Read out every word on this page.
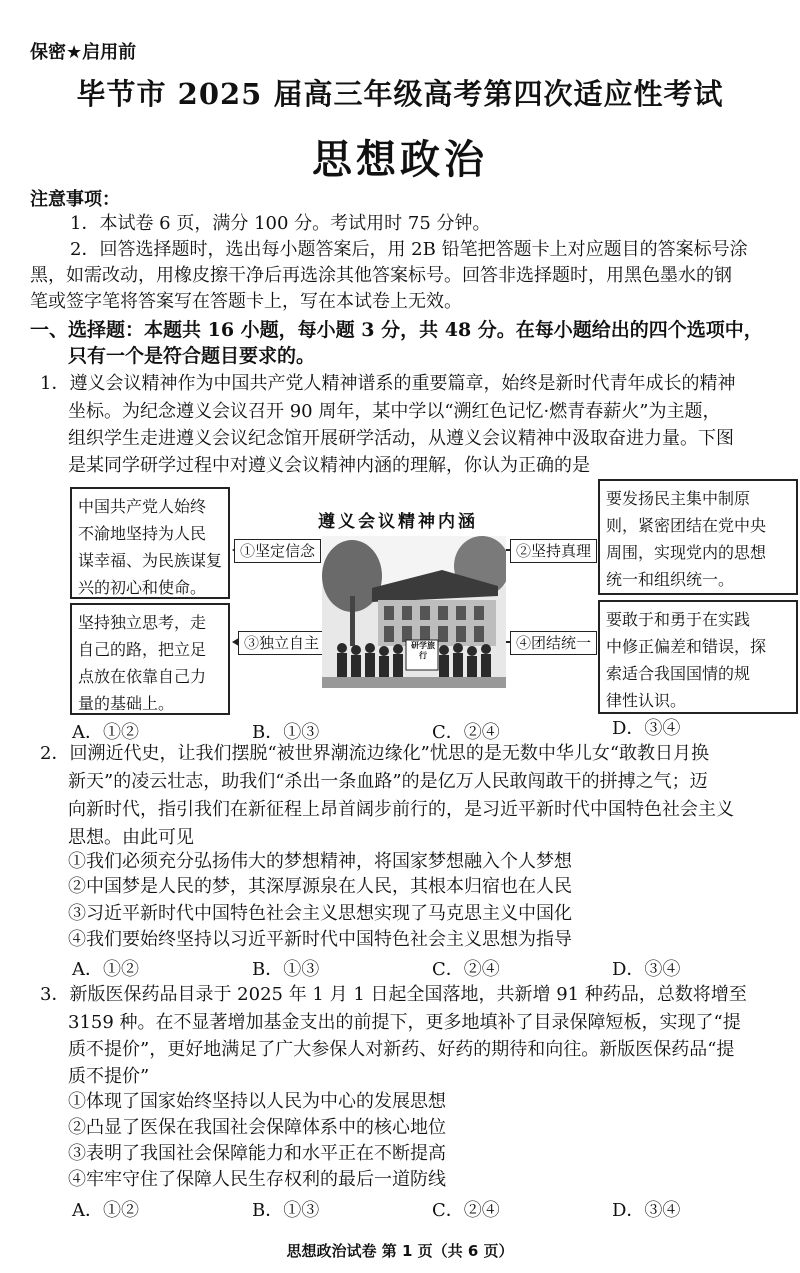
保密★启用前
毕节市 2025 届高三年级高考第四次适应性考试
思想政治
注意事项：
1．本试卷 6 页，满分 100 分。考试用时 75 分钟。
2．回答选择题时，选出每小题答案后，用 2B 铅笔把答题卡上对应题目的答案标号涂
黑，如需改动，用橡皮擦干净后再选涂其他答案标号。回答非选择题时，用黑色墨水的钢
笔或签字笔将答案写在答题卡上，写在本试卷上无效。
一、选择题：本题共 16 小题，每小题 3 分，共 48 分。在每小题给出的四个选项中，
只有一个是符合题目要求的。
1．遵义会议精神作为中国共产党人精神谱系的重要篇章，始终是新时代青年成长的精神
坐标。为纪念遵义会议召开 90 周年，某中学以“溯红色记忆·燃青春薪火”为主题，
组织学生走进遵义会议纪念馆开展研学活动，从遵义会议精神中汲取奋进力量。下图
是某同学研学过程中对遵义会议精神内涵的理解，你认为正确的是
中国共产党人始终
不渝地坚持为人民
谋幸福、为民族谋复
兴的初心和使命。
要发扬民主集中制原
则，紧密团结在党中央
周围，实现党内的思想
统一和组织统一。
坚持独立思考，走
自己的路，把立足
点放在依靠自己力
量的基础上。
要敢于和勇于在实践
中修正偏差和错误，探
索适合我国国情的规
律性认识。
①坚定信念	②坚持真理
③独立自主	④团结统一
遵义会议精神内涵
研学旅行
A．①②	B．①③	C．②④	D．③④
2．回溯近代史，让我们摆脱“被世界潮流边缘化”忧思的是无数中华儿女“敢教日月换
新天”的凌云壮志，助我们“杀出一条血路”的是亿万人民敢闯敢干的拼搏之气；迈
向新时代，指引我们在新征程上昂首阔步前行的，是习近平新时代中国特色社会主义
思想。由此可见
①我们必须充分弘扬伟大的梦想精神，将国家梦想融入个人梦想
②中国梦是人民的梦，其深厚源泉在人民，其根本归宿也在人民
③习近平新时代中国特色社会主义思想实现了马克思主义中国化
④我们要始终坚持以习近平新时代中国特色社会主义思想为指导
A．①②	B．①③	C．②④	D．③④
3．新版医保药品目录于 2025 年 1 月 1 日起全国落地，共新增 91 种药品，总数将增至
3159 种。在不显著增加基金支出的前提下，更多地填补了目录保障短板，实现了“提
质不提价”，更好地满足了广大参保人对新药、好药的期待和向往。新版医保药品“提
质不提价”
①体现了国家始终坚持以人民为中心的发展思想
②凸显了医保在我国社会保障体系中的核心地位
③表明了我国社会保障能力和水平正在不断提高
④牢牢守住了保障人民生存权利的最后一道防线
A．①②	B．①③	C．②④	D．③④
思想政治试卷 第 1 页（共 6 页）
